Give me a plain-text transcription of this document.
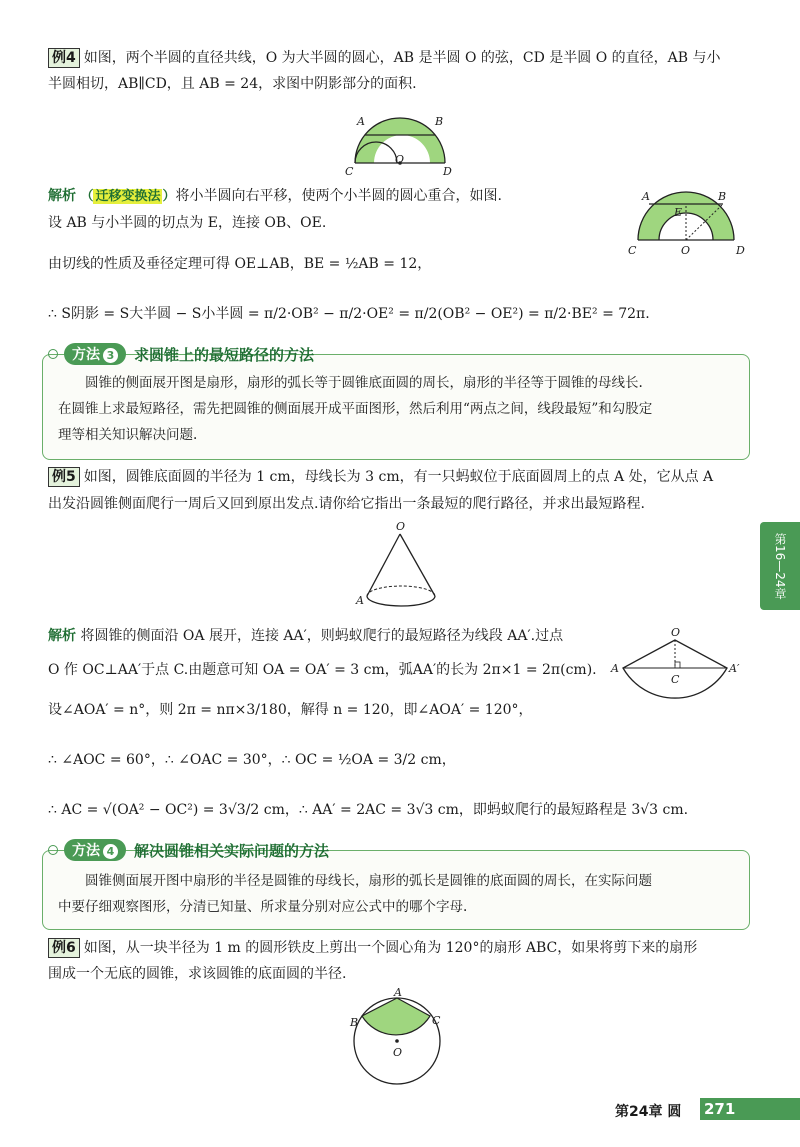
例4 如图，两个半圆的直径共线，O 为大半圆的圆心，AB 是半圆 O 的弦，CD 是半圆 O 的直径，AB 与小
半圆相切，AB∥CD，且 AB = 24，求图中阴影部分的面积.
A	B
C
O
D
解析 （ 迁移变换法 ）将小半圆向右平移，使两个小半圆的圆心重合，如图.
设 AB 与小半圆的切点为 E，连接 OB、OE.
由切线的性质及垂径定理可得 OE⊥AB，BE = ½AB = 12，
∴ S阴影 = S大半圆 − S小半圆 = π/2·OB² − π/2·OE² = π/2(OB² − OE²) = π/2·BE² = 72π.
A	B
E
C	O	D
方法 3	求圆锥上的最短路径的方法
圆锥的侧面展开图是扇形，扇形的弧长等于圆锥底面圆的周长，扇形的半径等于圆锥的母线长.
在圆锥上求最短路径，需先把圆锥的侧面展开成平面图形，然后利用“两点之间，线段最短”和勾股定
理等相关知识解决问题.
例5 如图，圆锥底面圆的半径为 1 cm，母线长为 3 cm，有一只蚂蚁位于底面圆周上的点 A 处，它从点 A
出发沿圆锥侧面爬行一周后又回到原出发点.请你给它指出一条最短的爬行路径，并求出最短路程.
O
A
解析 将圆锥的侧面沿 OA 展开，连接 AA′，则蚂蚁爬行的最短路径为线段 AA′.过点
O 作 OC⊥AA′于点 C.由题意可知 OA = OA′ = 3 cm，弧AA′的长为 2π×1 = 2π(cm).
设∠AOA′ = n°，则 2π = nπ×3/180，解得 n = 120，即∠AOA′ = 120°，
∴ ∠AOC = 60°，∴ ∠OAC = 30°，∴ OC = ½OA = 3/2 cm，
∴ AC = √(OA² − OC²) = 3√3/2 cm，∴ AA′ = 2AC = 3√3 cm，即蚂蚁爬行的最短路程是 3√3 cm.
O
A	A′
C
方法 4	解决圆锥相关实际问题的方法
圆锥侧面展开图中扇形的半径是圆锥的母线长，扇形的弧长是圆锥的底面圆的周长，在实际问题
中要仔细观察图形，分清已知量、所求量分别对应公式中的哪个字母.
例6 如图，从一块半径为 1 m 的圆形铁皮上剪出一个圆心角为 120°的扇形 ABC，如果将剪下来的扇形
围成一个无底的圆锥，求该圆锥的底面圆的半径.
A
B	C
O
第16—24章
第24章 圆 271
